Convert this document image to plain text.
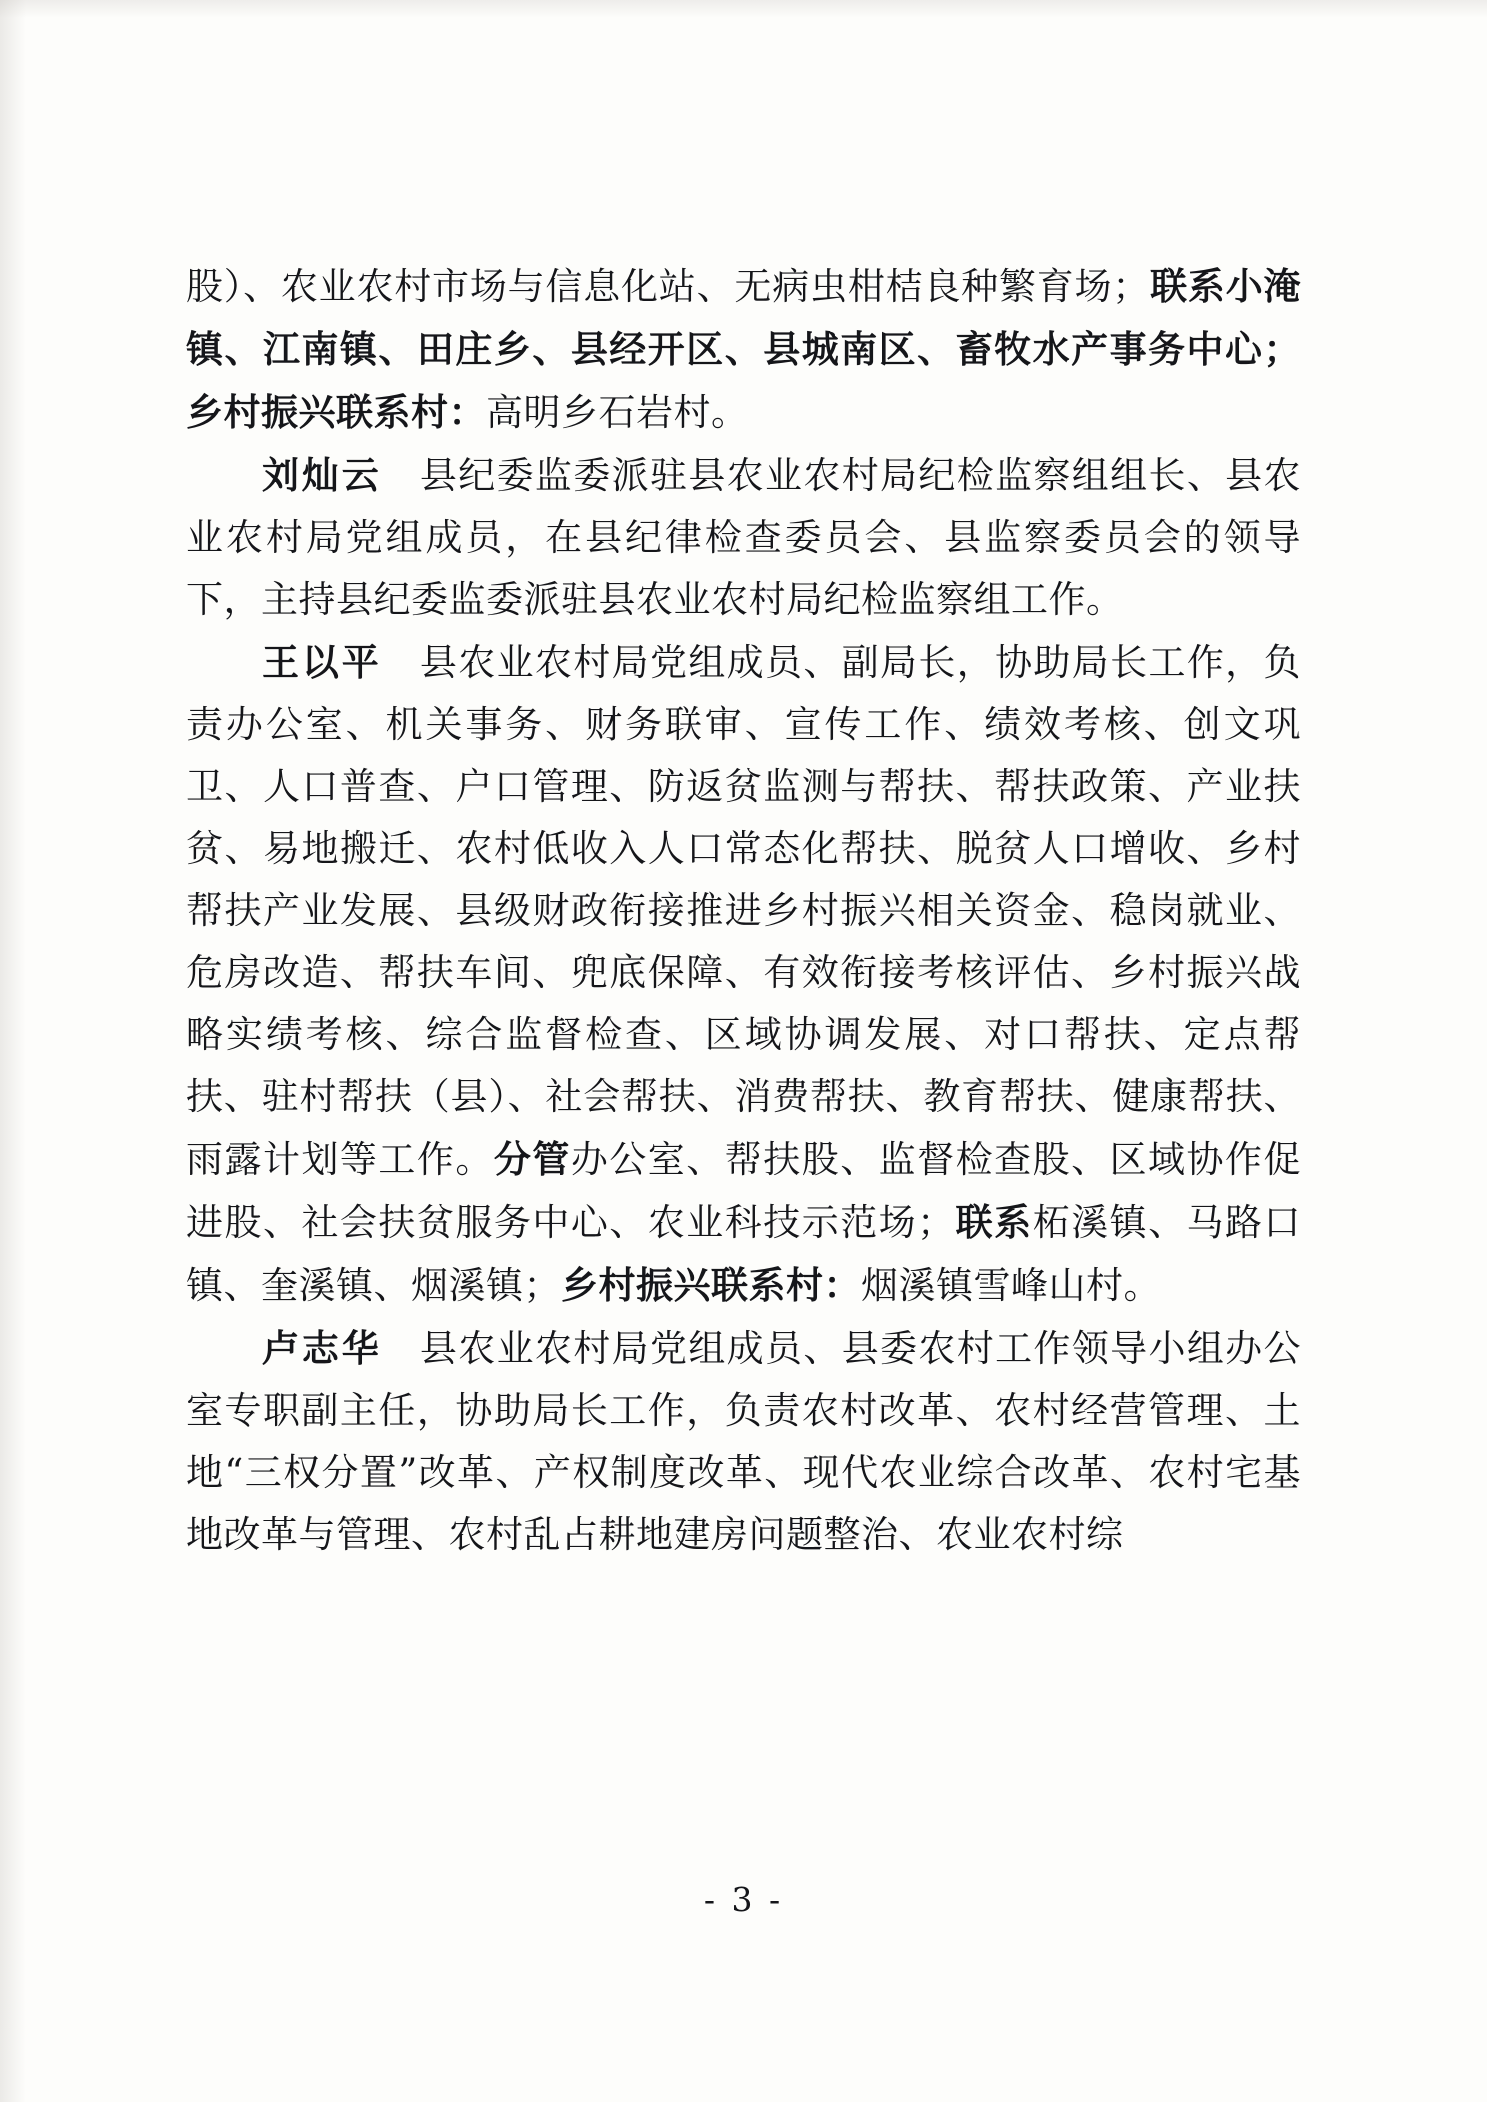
股）、农业农村市场与信息化站、无病虫柑桔良种繁育场；联系小淹镇、江南镇、田庄乡、县经开区、县城南区、畜牧水产事务中心；乡村振兴联系村：高明乡石岩村。

刘灿云　县纪委监委派驻县农业农村局纪检监察组组长、县农业农村局党组成员，在县纪律检查委员会、县监察委员会的领导下，主持县纪委监委派驻县农业农村局纪检监察组工作。

王以平　县农业农村局党组成员、副局长，协助局长工作，负责办公室、机关事务、财务联审、宣传工作、绩效考核、创文巩卫、人口普查、户口管理、防返贫监测与帮扶、帮扶政策、产业扶贫、易地搬迁、农村低收入人口常态化帮扶、脱贫人口增收、乡村帮扶产业发展、县级财政衔接推进乡村振兴相关资金、稳岗就业、危房改造、帮扶车间、兜底保障、有效衔接考核评估、乡村振兴战略实绩考核、综合监督检查、区域协调发展、对口帮扶、定点帮扶、驻村帮扶（县）、社会帮扶、消费帮扶、教育帮扶、健康帮扶、雨露计划等工作。分管办公室、帮扶股、监督检查股、区域协作促进股、社会扶贫服务中心、农业科技示范场；联系柘溪镇、马路口镇、奎溪镇、烟溪镇；乡村振兴联系村：烟溪镇雪峰山村。

卢志华　县农业农村局党组成员、县委农村工作领导小组办公室专职副主任，协助局长工作，负责农村改革、农村经营管理、土地“三权分置”改革、产权制度改革、现代农业综合改革、农村宅基地改革与管理、农村乱占耕地建房问题整治、农业农村综

- 3 -
